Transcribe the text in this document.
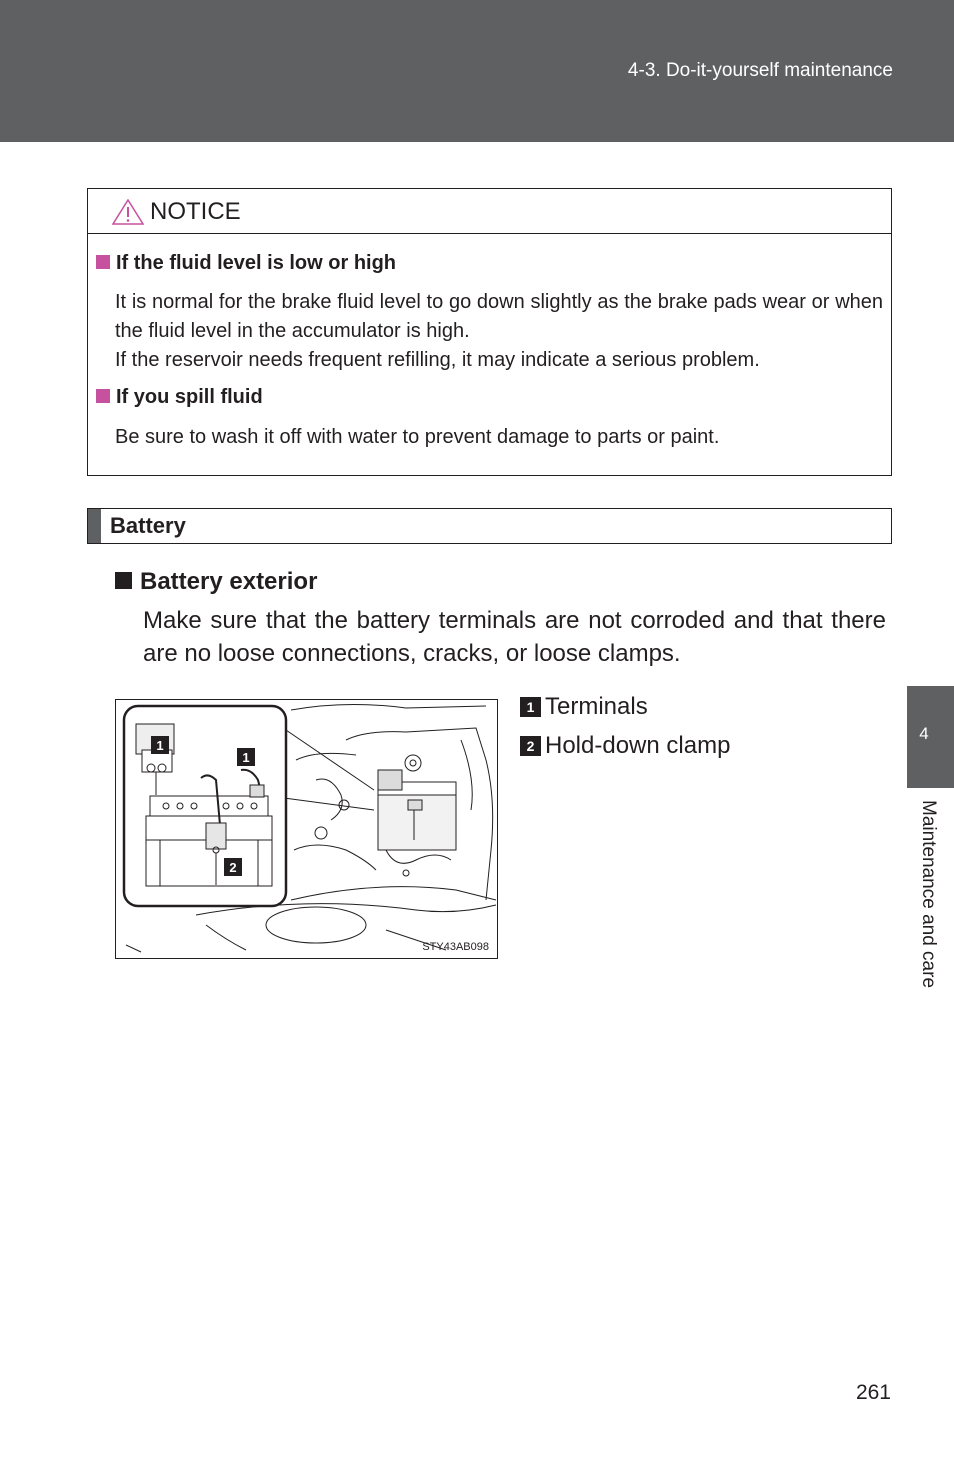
4-3. Do-it-yourself maintenance
4
Maintenance and care
NOTICE
If the fluid level is low or high
It is normal for the brake fluid level to go down slightly as the brake pads wear or when the fluid level in the accumulator is high.
If the reservoir needs frequent refilling, it may indicate a serious problem.
If you spill fluid
Be sure to wash it off with water to prevent damage to parts or paint.
Battery
Battery exterior
Make sure that the battery terminals are not corroded and that there are no loose connections, cracks, or loose clamps.
1
1
2
STY43AB098
1 Terminals
2 Hold-down clamp
261
